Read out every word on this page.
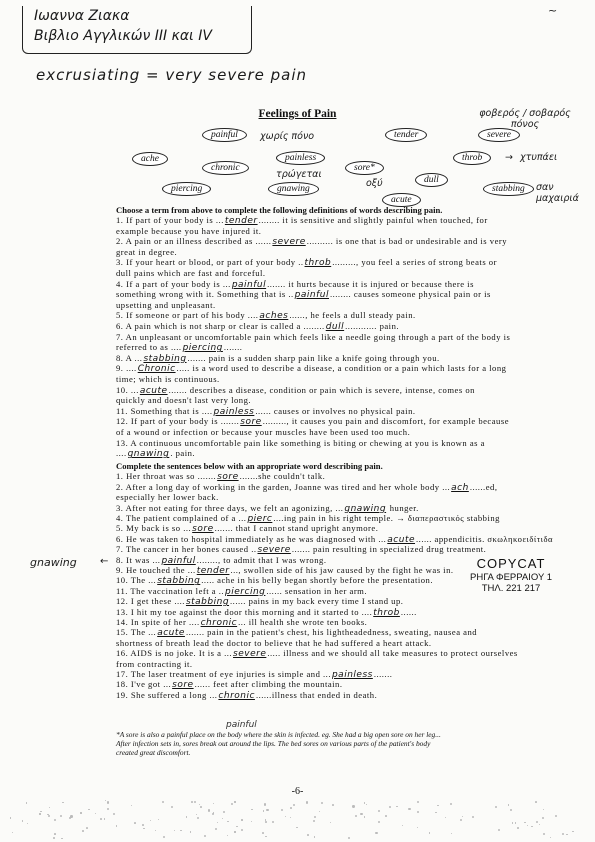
Ιωαννα Ζιακα
Βιβλιο Αγγλικών III και IV
~
excrusiating = very severe pain
Feelings of Pain
painful	tender	severe
ache
chronic
painless
sore*
throb
dull
piercing	gnawing
acute
stabbing
χωρίς πόνο
φοβερός / σοβαρός πόνος
→ χτυπάει
τρώγεται
οξύ	σαν μαχαιριά
Choose a term from above to complete the following definitions of words describing pain.
1. If part of your body is ...tender........ it is sensitive and slightly painful when touched, for
example because you have injured it.
2. A pain or an illness described as ......severe.......... is one that is bad or undesirable and is very
great in degree.
3. If your heart or blood, or part of your body ..throb........., you feel a series of strong beats or
dull pains which are fast and forceful.
4. If a part of your body is ...painful....... it hurts because it is injured or because there is
something wrong with it. Something that is ..painful........ causes someone physical pain or is
upsetting and unpleasant.
5. If someone or part of his body ....aches......, he feels a dull steady pain.
6. A pain which is not sharp or clear is called a ........dull............ pain.
7. An unpleasant or uncomfortable pain which feels like a needle going through a part of the body is
referred to as ....piercing.......
8. A ...stabbing....... pain is a sudden sharp pain like a knife going through you.
9. ....Chronic..... is a word used to describe a disease, a condition or a pain which lasts for a long
time; which is continuous.
10. ...acute....... describes a disease, condition or pain which is severe, intense, comes on
quickly and doesn't last very long.
11. Something that is ....painless...... causes or involves no physical pain.
12. If part of your body is .......sore........., it causes you pain and discomfort, for example because
of a wound or infection or because your muscles have been used too much.
13. A continuous uncomfortable pain like something is biting or chewing at you is known as a
....gnawing. pain.
Complete the sentences below with an appropriate word describing pain.
1. Her throat was so .......sore.......she couldn't talk.
2. After a long day of working in the garden, Joanne was tired and her whole body ...ach......ed,
especially her lower back.
3. After not eating for three days, we felt an agonizing, ...gnawing hunger.
4. The patient complained of a ...pierc....ing pain in his right temple. → διαπεραστικός stabbing
5. My back is so ...sore....... that I cannot stand upright anymore.
6. He was taken to hospital immediately as he was diagnosed with ...acute...... appendicitis. σκωληκοειδίτιδα
7. The cancer in her bones caused ..severe....... pain resulting in specialized drug treatment.
8. It was ...painful........, to admit that I was wrong.
9. He touched the ...tender..., swollen side of his jaw caused by the fight he was in.
10. The ...stabbing..... ache in his belly began shortly before the presentation.
11. The vaccination left a ..piercing...... sensation in her arm.
12. I get these ....stabbing...... pains in my back every time I stand up.
13. I hit my toe against the door this morning and it started to ....throb......
14. In spite of her ....chronic... ill health she wrote ten books.
15. The ...acute....... pain in the patient's chest, his lightheadedness, sweating, nausea and
shortness of breath lead the doctor to believe that he had suffered a heart attack.
16. AIDS is no joke. It is a ...severe..... illness and we should all take measures to protect ourselves
from contracting it.
17. The laser treatment of eye injuries is simple and ...painless.......
18. I've got ...sore...... feet after climbing the mountain.
19. She suffered a long ...chronic......illness that ended in death.
gnawing ←	COPYCAT
ΡΗΓΑ ΦΕΡΡΑΙΟΥ 1
ΤΗΛ. 221 217
painful
*A sore is also a painful place on the body where the skin is infected. eg. She had a big open sore on her leg...
After infection sets in, sores break out around the lips. The bed sores on various parts of the patient's body
created great discomfort.
-6-
